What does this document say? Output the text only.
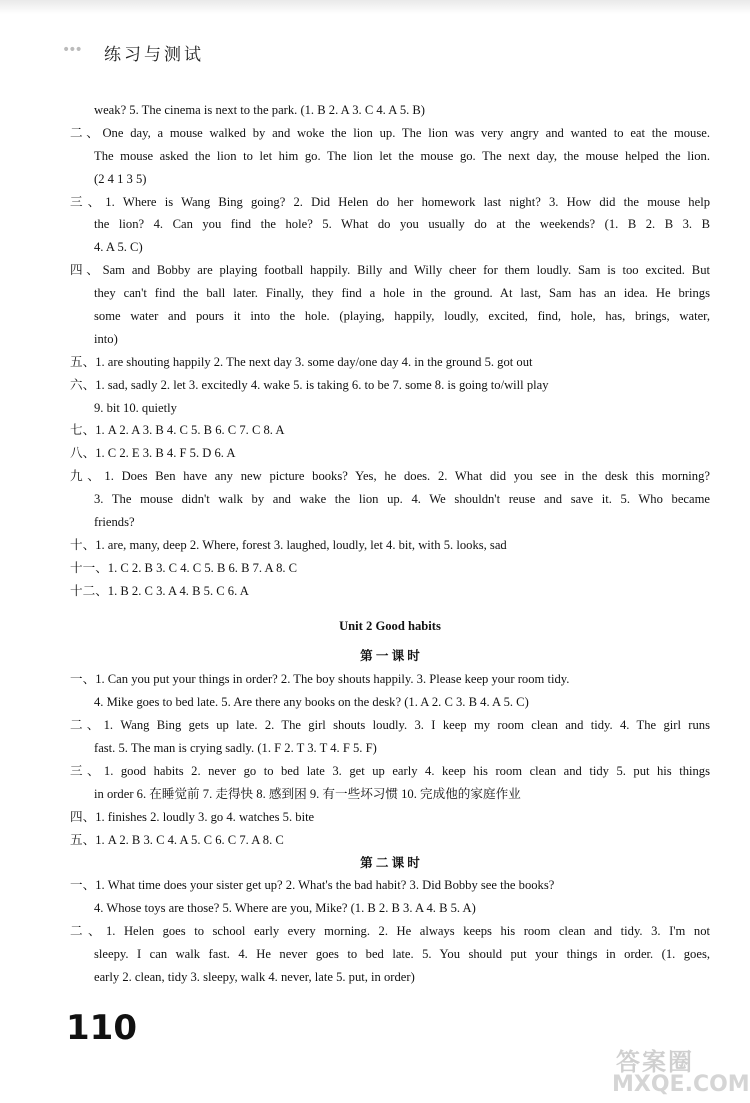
••• 练习与测试
weak? 5. The cinema is next to the park. (1. B 2. A 3. C 4. A 5. B)
二、One day, a mouse walked by and woke the lion up. The lion was very angry and wanted to eat the mouse.
The mouse asked the lion to let him go. The lion let the mouse go. The next day, the mouse helped the lion.
(2 4 1 3 5)
三、1. Where is Wang Bing going? 2. Did Helen do her homework last night? 3. How did the mouse help
the lion? 4. Can you find the hole? 5. What do you usually do at the weekends? (1. B 2. B 3. B
4. A 5. C)
四、Sam and Bobby are playing football happily. Billy and Willy cheer for them loudly. Sam is too excited. But
they can't find the ball later. Finally, they find a hole in the ground. At last, Sam has an idea. He brings
some water and pours it into the hole. (playing, happily, loudly, excited, find, hole, has, brings, water,
into)
五、1. are shouting happily 2. The next day 3. some day/one day 4. in the ground 5. got out
六、1. sad, sadly 2. let 3. excitedly 4. wake 5. is taking 6. to be 7. some 8. is going to/will play
9. bit 10. quietly
七、1. A 2. A 3. B 4. C 5. B 6. C 7. C 8. A
八、1. C 2. E 3. B 4. F 5. D 6. A
九、1. Does Ben have any new picture books? Yes, he does. 2. What did you see in the desk this morning?
3. The mouse didn't walk by and wake the lion up. 4. We shouldn't reuse and save it. 5. Who became
friends?
十、1. are, many, deep 2. Where, forest 3. laughed, loudly, let 4. bit, with 5. looks, sad
十一、1. C 2. B 3. C 4. C 5. B 6. B 7. A 8. C
十二、1. B 2. C 3. A 4. B 5. C 6. A
Unit 2 Good habits
第 一 课 时
一、1. Can you put your things in order? 2. The boy shouts happily. 3. Please keep your room tidy.
4. Mike goes to bed late. 5. Are there any books on the desk? (1. A 2. C 3. B 4. A 5. C)
二、1. Wang Bing gets up late. 2. The girl shouts loudly. 3. I keep my room clean and tidy. 4. The girl runs
fast. 5. The man is crying sadly. (1. F 2. T 3. T 4. F 5. F)
三、1. good habits 2. never go to bed late 3. get up early 4. keep his room clean and tidy 5. put his things
in order 6. 在睡觉前 7. 走得快 8. 感到困 9. 有一些坏习惯 10. 完成他的家庭作业
四、1. finishes 2. loudly 3. go 4. watches 5. bite
五、1. A 2. B 3. C 4. A 5. C 6. C 7. A 8. C
第 二 课 时
一、1. What time does your sister get up? 2. What's the bad habit? 3. Did Bobby see the books?
4. Whose toys are those? 5. Where are you, Mike? (1. B 2. B 3. A 4. B 5. A)
二、1. Helen goes to school early every morning. 2. He always keeps his room clean and tidy. 3. I'm not
sleepy. I can walk fast. 4. He never goes to bed late. 5. You should put your things in order. (1. goes,
early 2. clean, tidy 3. sleepy, walk 4. never, late 5. put, in order)
110
答案圈
MXQE.COM
